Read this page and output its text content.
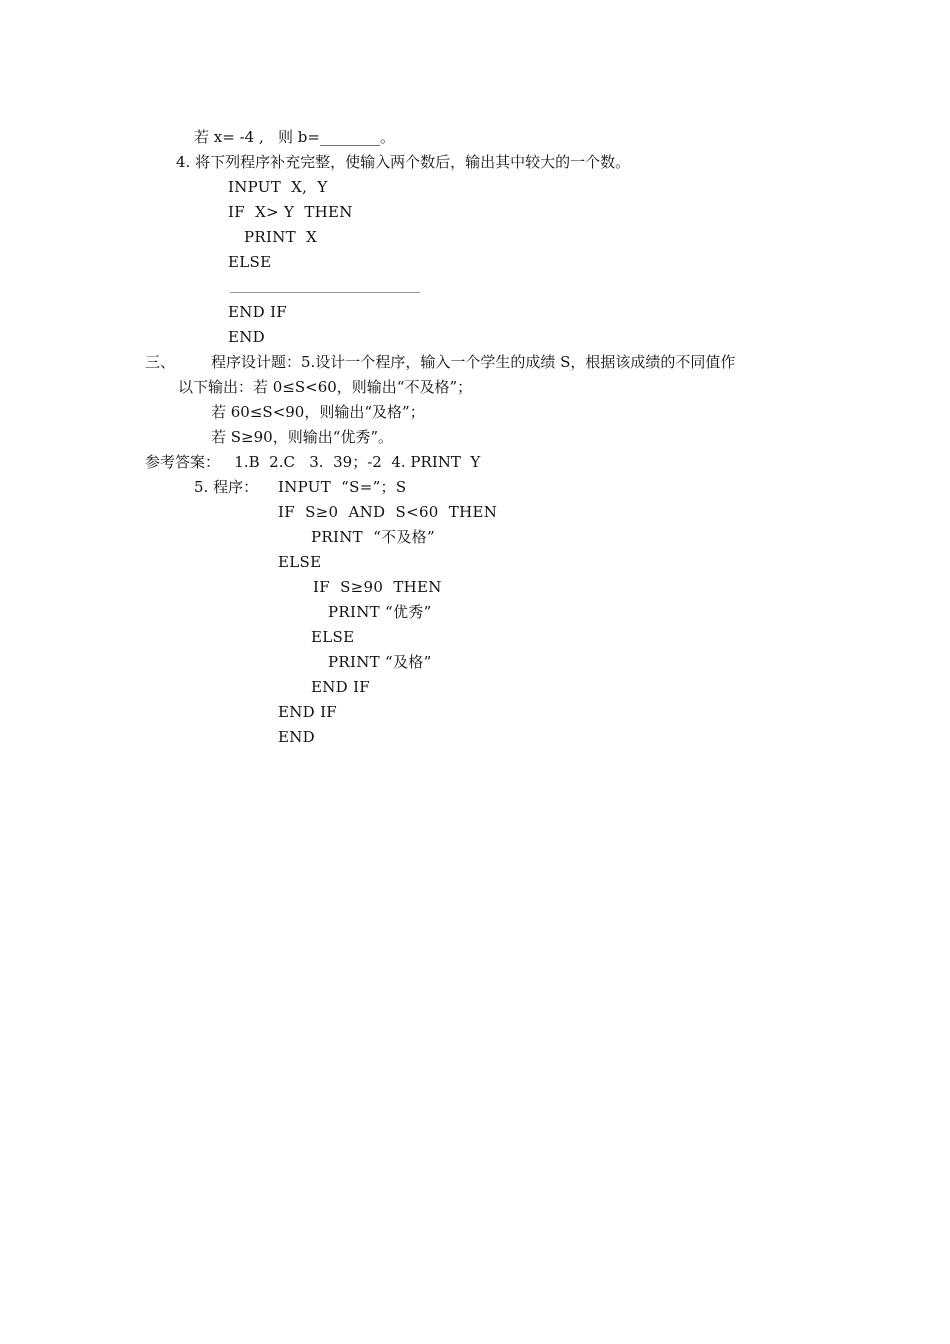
若 x= -4 ,   则 b=________。
4. 将下列程序补充完整，使输入两个数后，输出其中较大的一个数。
INPUT  X,  Y
IF  X> Y  THEN
PRINT  X
ELSE
END IF
END
三、 程序设计题：5.设计一个程序，输入一个学生的成绩 S，根据该成绩的不同值作
以下输出：若 0≤S<60，则输出“不及格”；
若 60≤S<90，则输出“及格”；
若 S≥90，则输出“优秀”。
参考答案：   1.B  2.C   3.  39；-2  4. PRINT  Y
5. 程序： INPUT  “S=”；S
IF  S≥0  AND  S<60  THEN
PRINT  “不及格”
ELSE
IF  S≥90  THEN
PRINT “优秀”
ELSE
PRINT “及格”
END IF
END IF
END
